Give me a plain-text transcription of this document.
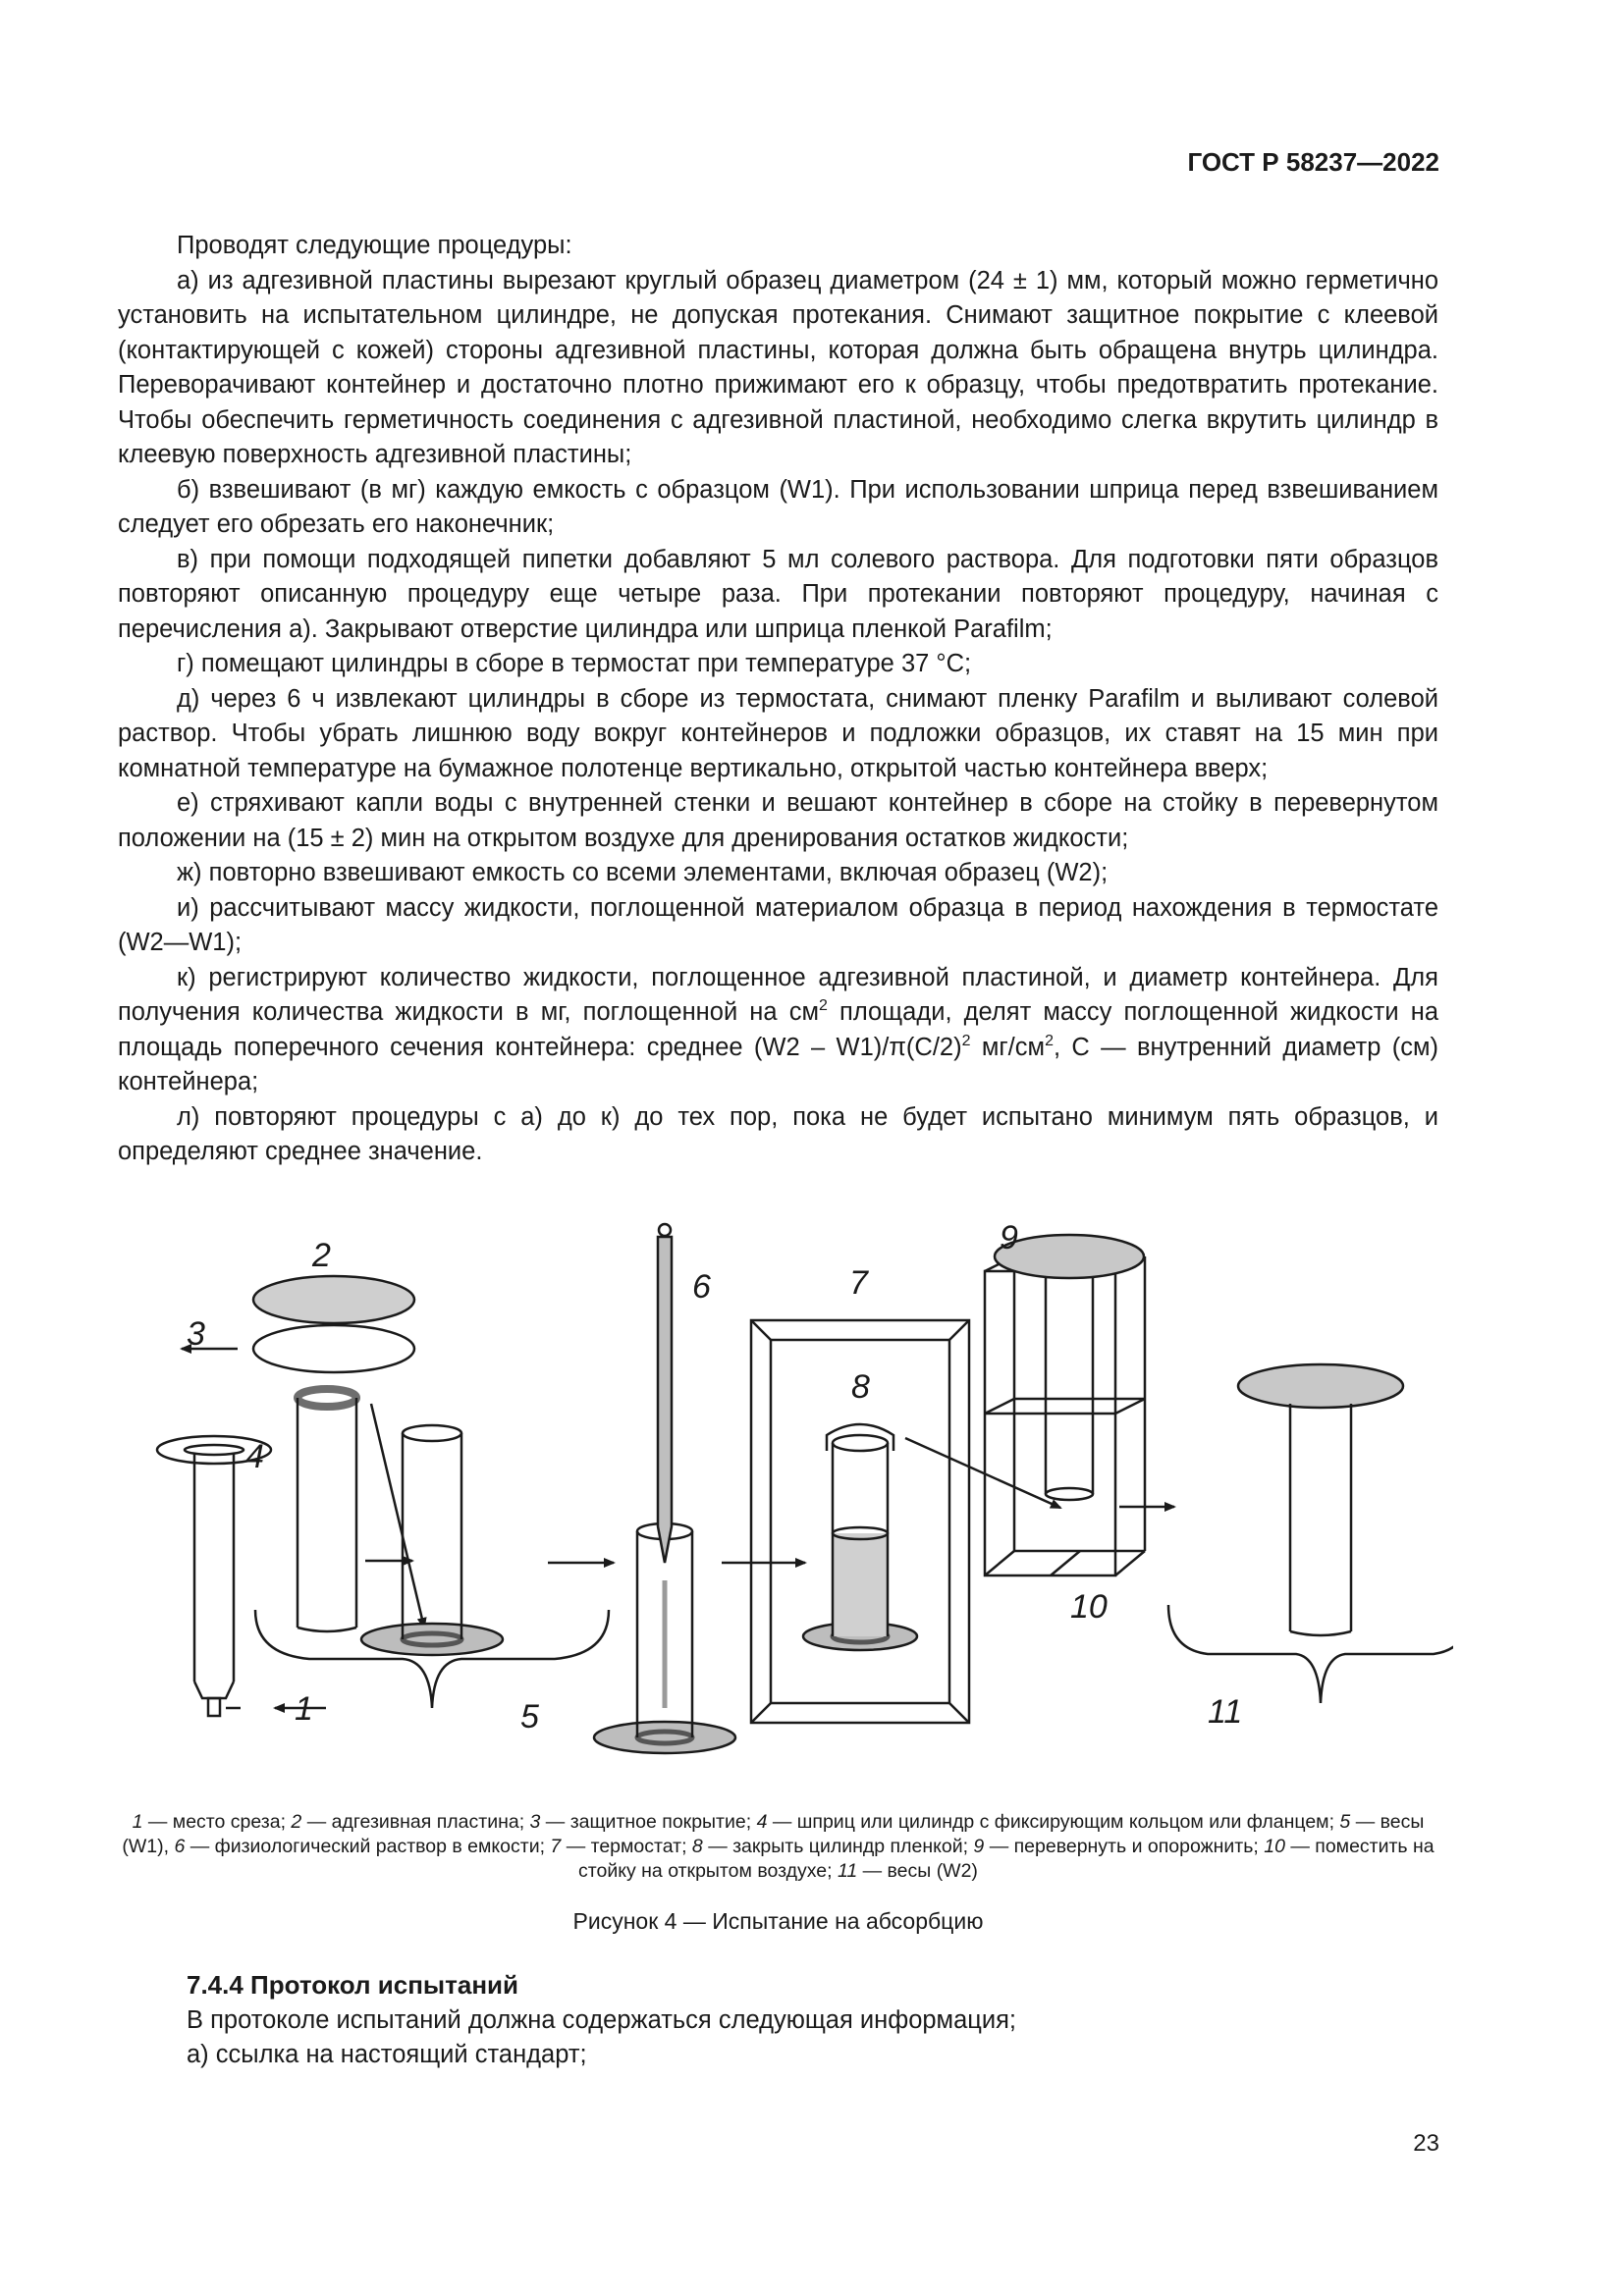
ГОСТ Р 58237—2022

Проводят следующие процедуры:

а) из адгезивной пластины вырезают круглый образец диаметром (24 ± 1) мм, который можно герметично установить на испытательном цилиндре, не допуская протекания. Снимают защитное покрытие с клеевой (контактирующей с кожей) стороны адгезивной пластины, которая должна быть обращена внутрь цилиндра. Переворачивают контейнер и достаточно плотно прижимают его к образцу, чтобы предотвратить протекание. Чтобы обеспечить герметичность соединения с адгезивной пластиной, необходимо слегка вкрутить цилиндр в клеевую поверхность адгезивной пластины;

б) взвешивают (в мг) каждую емкость с образцом (W1). При использовании шприца перед взвешиванием следует его обрезать его наконечник;

в) при помощи подходящей пипетки добавляют 5 мл солевого раствора. Для подготовки пяти образцов повторяют описанную процедуру еще четыре раза. При протекании повторяют процедуру, начиная с перечисления а). Закрывают отверстие цилиндра или шприца пленкой Parafilm;

г) помещают цилиндры в сборе в термостат при температуре 37 °С;

д) через 6 ч извлекают цилиндры в сборе из термостата, снимают пленку Parafilm и выливают солевой раствор. Чтобы убрать лишнюю воду вокруг контейнеров и подложки образцов, их ставят на 15 мин при комнатной температуре на бумажное полотенце вертикально, открытой частью контейнера вверх;

е) стряхивают капли воды с внутренней стенки и вешают контейнер в сборе на стойку в перевернутом положении на (15 ± 2) мин на открытом воздухе для дренирования остатков жидкости;

ж) повторно взвешивают емкость со всеми элементами, включая образец (W2);

и) рассчитывают массу жидкости, поглощенной материалом образца в период нахождения в термостате (W2—W1);

к) регистрируют количество жидкости, поглощенное адгезивной пластиной, и диаметр контейнера. Для получения количества жидкости в мг, поглощенной на $см^2$ площади, делят массу поглощенной жидкости на площадь поперечного сечения контейнера: среднее $(W2 - W1)/\pi(С/2)^2$ $мг/см^2$, С — внутренний диаметр (см) контейнера;

л) повторяют процедуры с а) до к) до тех пор, пока не будет испытано минимум пять образцов, и определяют среднее значение.

2
3
4
1	5
6	7
8
9
10
11
1 — место среза; 2 — адгезивная пластина; 3 — защитное покрытие; 4 — шприц или цилиндр с фиксирующим кольцом или фланцем; 5 — весы (W1), 6 — физиологический раствор в емкости; 7 — термостат; 8 — закрыть цилиндр пленкой; 9 — перевернуть и опорожнить; 10 — поместить на стойку на открытом воздухе; 11 — весы (W2)
Рисунок 4 — Испытание на абсорбцию

7.4.4 Протокол испытаний

В протоколе испытаний должна содержаться следующая информация;

а) ссылка на настоящий стандарт;

23
